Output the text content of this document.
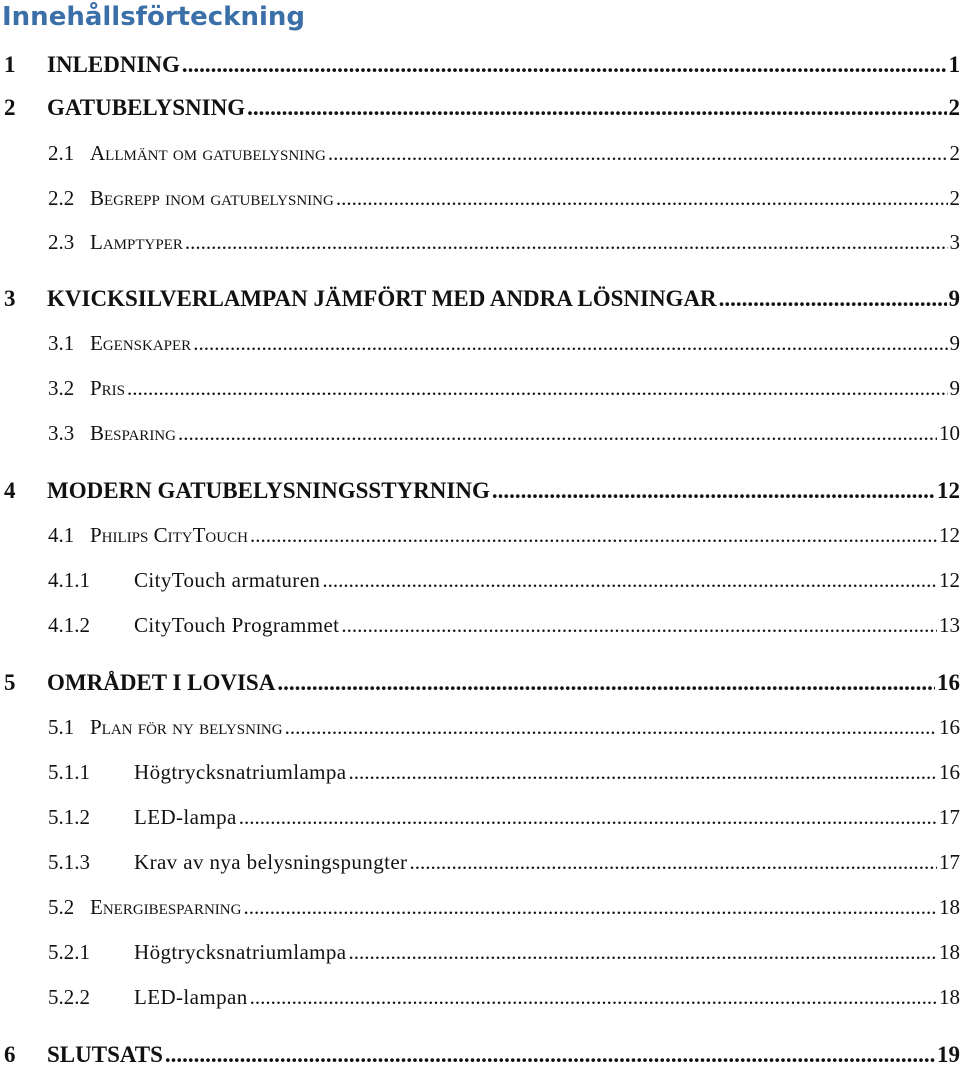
Innehållsförteckning
1	INLEDNING .....	1
2	GATUBELYSNING .....	2
2.1 Allmänt om gatubelysning .....	2
2.2 Begrepp inom gatubelysning .....	2
2.3 Lamptyper .....	3
3	KVICKSILVERLAMPAN JÄMFÖRT MED ANDRA LÖSNINGAR .....	9
3.1 Egenskaper .....	9
3.2 Pris .....	9
3.3 Besparing .....	10
4	MODERN GATUBELYSNINGSSTYRNING .....	12
4.1 Philips CityTouch .....	12
4.1.1	CityTouch armaturen .....	12
4.1.2	CityTouch Programmet .....	13
5	OMRÅDET I LOVISA .....	16
5.1 Plan för ny belysning .....	16
5.1.1	Högtrycksnatriumlampa .....	16
5.1.2	LED-lampa .....	17
5.1.3	Krav av nya belysningspungter .....	17
5.2 Energibesparning .....	18
5.2.1	Högtrycksnatriumlampa .....	18
5.2.2	LED-lampan .....	18
6	SLUTSATS .....	19
